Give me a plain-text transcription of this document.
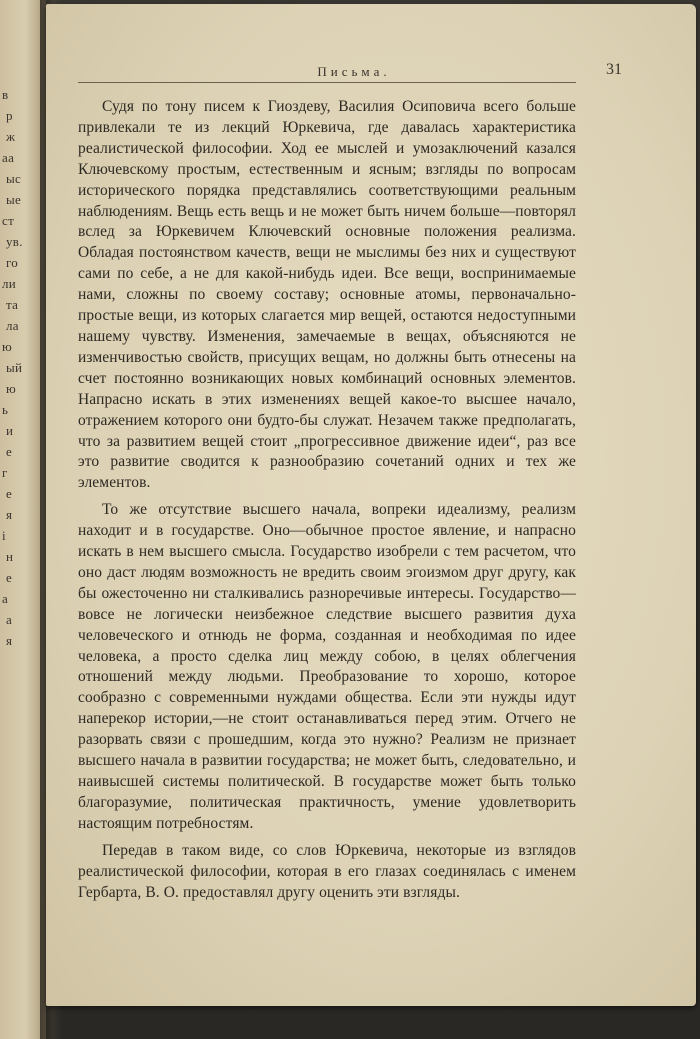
в
р
ж
аа
ыс
ые
ст
ув.
го
ли
та
ла
ю
ый
ю
ь
и
е
г
е
я
і
н
е
а
а
я
Письма.	31

Судя по тону писем к Гиоздеву, Василия Осиповича всего больше привлекали те из лекций Юркевича, где давалась характеристика реалистической философии. Ход ее мыслей и умозаключений казался Ключевскому простым, естественным и ясным; взгляды по вопросам исторического порядка представлялись соответствующими реальным наблюдениям. Вещь есть вещь и не может быть ничем больше—повторял вслед за Юркевичем Ключевский основные положения реализма. Обладая постоянством качеств, вещи не мыслимы без них и существуют сами по себе, а не для какой-нибудь идеи. Все вещи, воспринимаемые нами, сложны по своему составу; основные атомы, первоначально-простые вещи, из которых слагается мир вещей, остаются недоступными нашему чувству. Изменения, замечаемые в вещах, объясняются не изменчивостью свойств, присущих вещам, но должны быть отнесены на счет постоянно возникающих новых комбинаций основных элементов. Напрасно искать в этих изменениях вещей какое-то высшее начало, отражением которого они будто-бы служат. Незачем также предполагать, что за развитием вещей стоит „прогрессивное движение идеи“, раз все это развитие сводится к разнообразию сочетаний одних и тех же элементов.

То же отсутствие высшего начала, вопреки идеализму, реализм находит и в государстве. Оно—обычное простое явление, и напрасно искать в нем высшего смысла. Государство изобрели с тем расчетом, что оно даст людям возможность не вредить своим эгоизмом друг другу, как бы ожесточенно ни сталкивались разноречивые интересы. Государство—вовсе не логически неизбежное следствие высшего развития духа человеческого и отнюдь не форма, созданная и необходимая по идее человека, а просто сделка лиц между собою, в целях облегчения отношений между людьми. Преобразование то хорошо, которое сообразно с современными нуждами общества. Если эти нужды идут наперекор истории,—не стоит останавливаться перед этим. Отчего не разорвать связи с прошедшим, когда это нужно? Реализм не признает высшего начала в развитии государства; не может быть, следовательно, и наивысшей системы политической. В государстве может быть только благоразумие, политическая практичность, умение удовлетворить настоящим потребностям.

Передав в таком виде, со слов Юркевича, некоторые из взглядов реалистической философии, которая в его глазах соединялась с именем Гербарта, В. О. предоставлял другу оценить эти взгляды.
